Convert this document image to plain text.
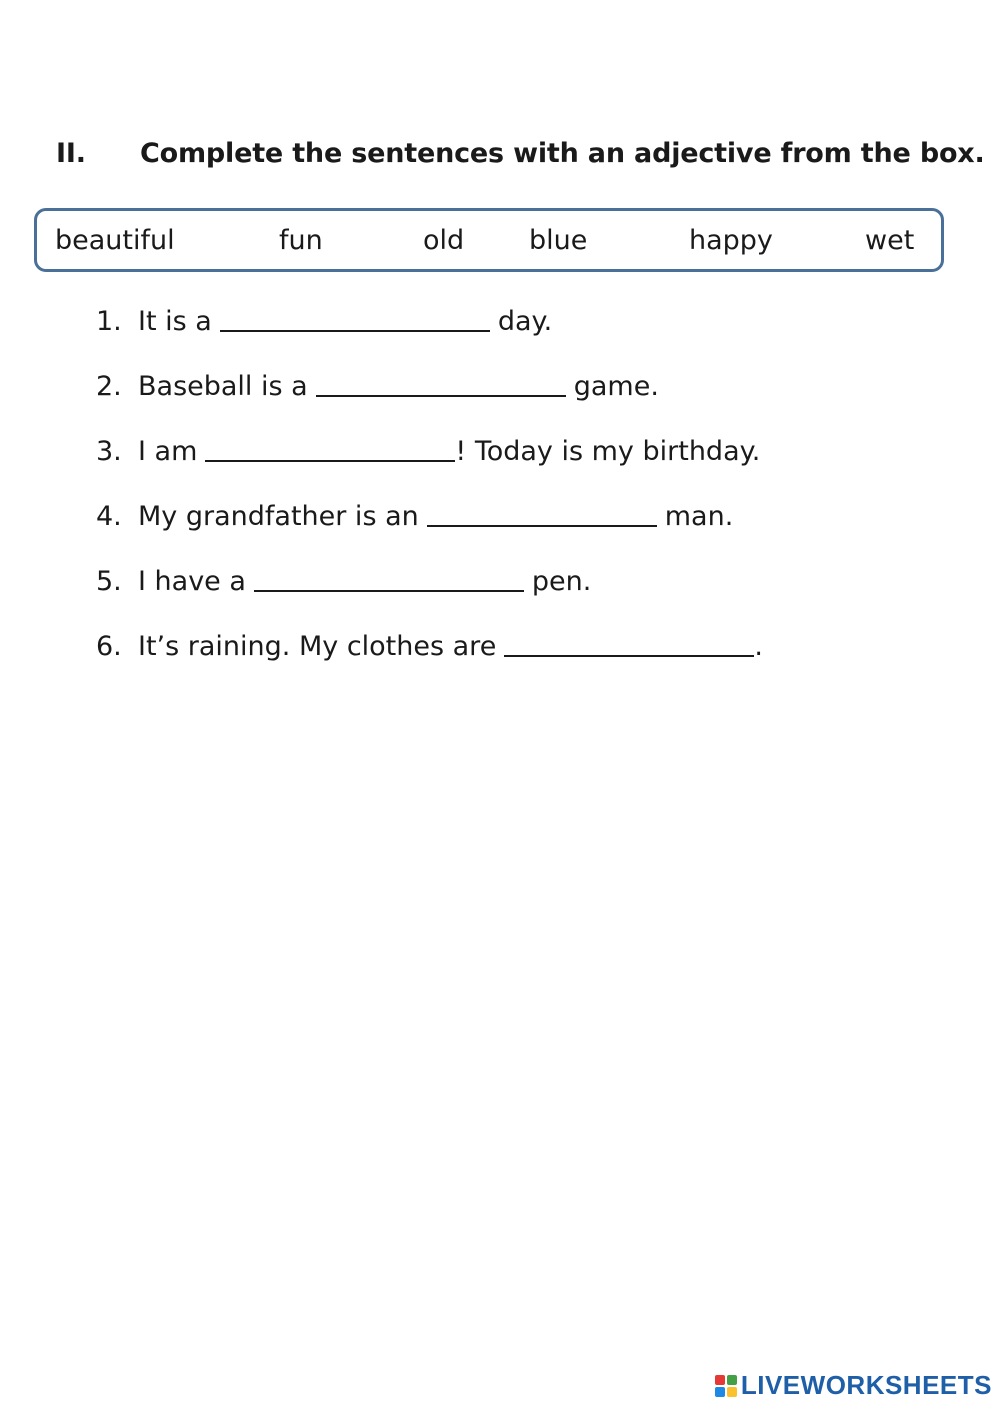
II. Complete the sentences with an adjective from the box.
beautiful	fun	old blue	happy	wet
1. It is a	day.
2. Baseball is a	game.
3. I am	! Today is my birthday.
4. My grandfather is an	man.
5. I have a	pen.
6. It’s raining. My clothes are	.
LIVEWORKSHEETS
